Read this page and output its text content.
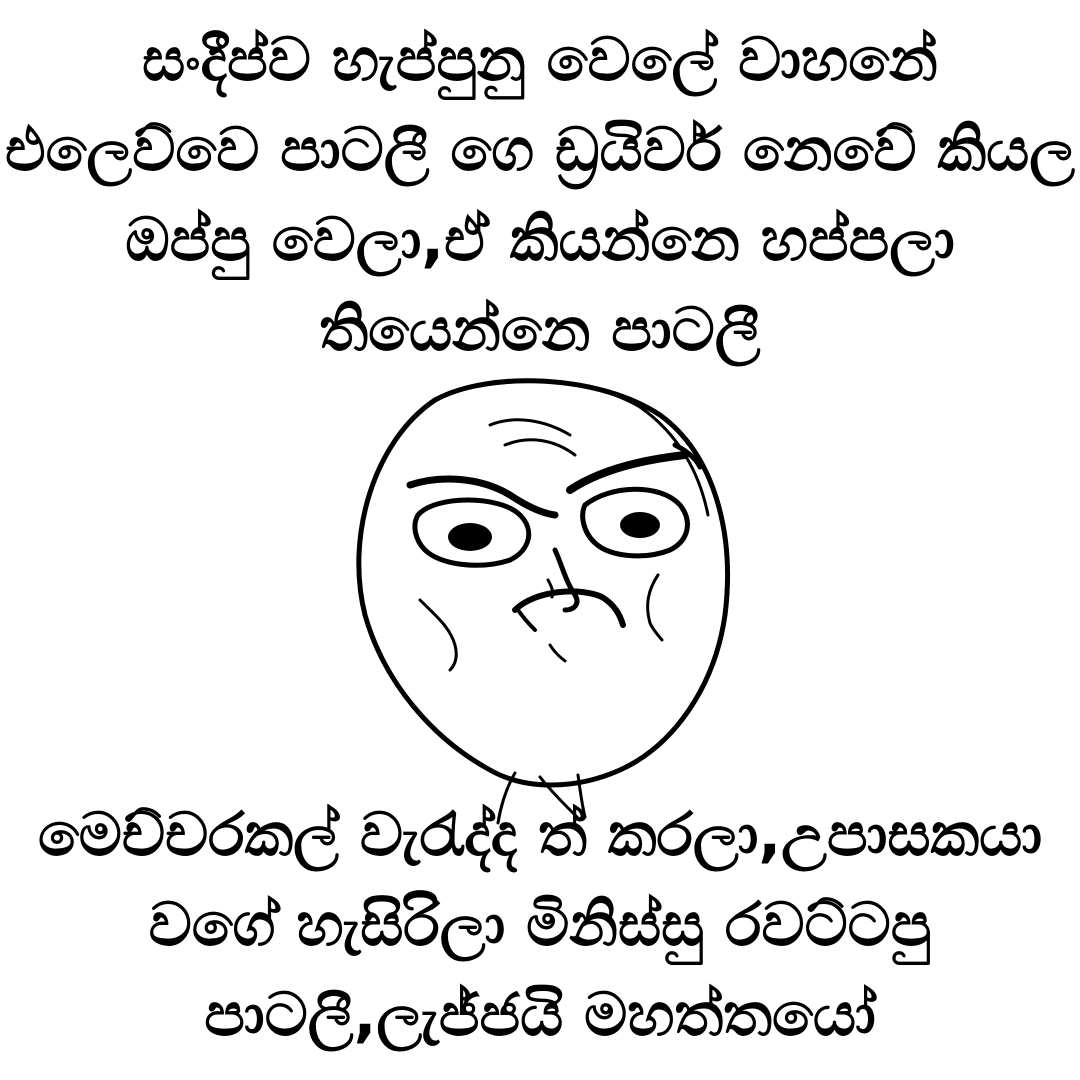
සංදීප්ව හැප්පුනු වෙලේ වාහනේ
එලෙව්වෙ පාටලී ගෙ ඩ්‍රයිවර් නෙවේ කියල
ඔප්පු වෙලා,ඒ කියන්නෙ හප්පලා
තියෙන්නෙ පාටලී
මෙච්චරකල් වැරැද්ද ත් කරලා,උපාසකයා
වගේ හැසිරිලා මිනිස්සු රවට්ටපු
පාටලී,ලැජ්ජයි මහත්තයෝ
